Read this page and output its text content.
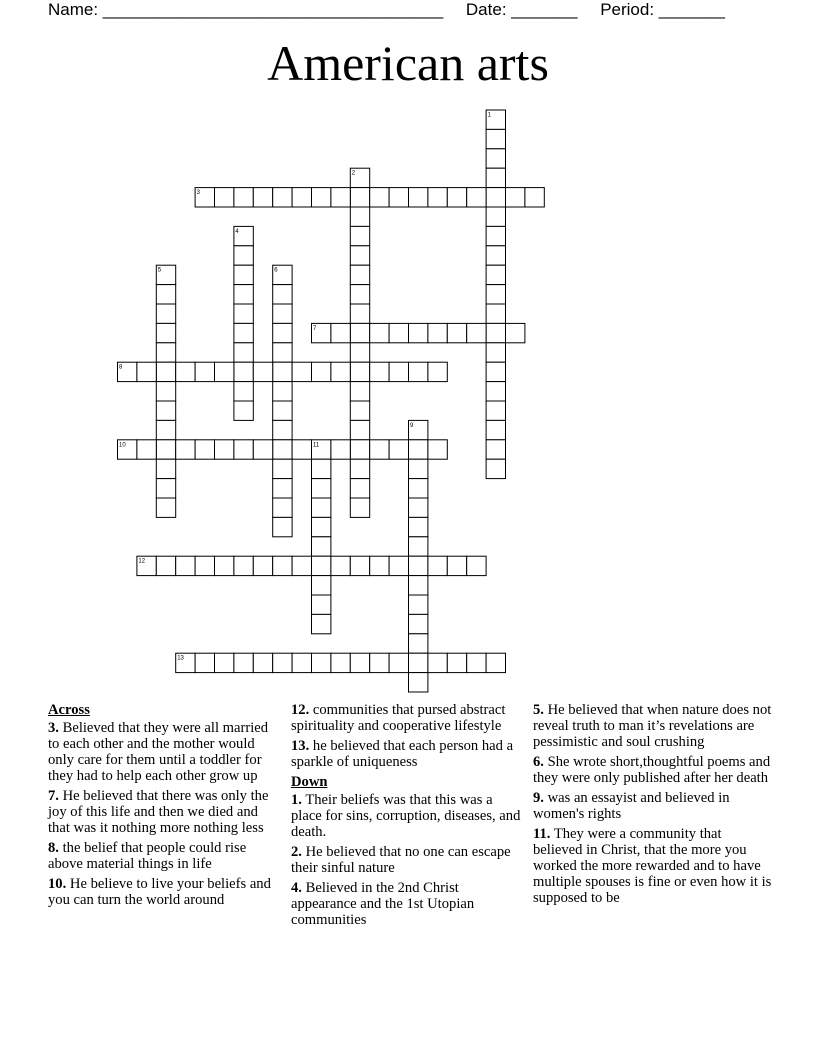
Name: ____________________________________ Date: _______ Period: _______
American arts
1
2
3
4
5	6
7
8
9
10	11
12
13
Across
3. Believed that they were all married to each other and the mother would only care for them until a toddler for they had to help each other grow up
7. He believed that there was only the joy of this life and then we died and that was it nothing more nothing less
8. the belief that people could rise above material things in life
10. He believe to live your beliefs and you can turn the world around
12. communities that pursed abstract spirituality and cooperative lifestyle
13. he believed that each person had a sparkle of uniqueness
Down
1. Their beliefs was that this was a place for sins, corruption, diseases, and death.
2. He believed that no one can escape their sinful nature
4. Believed in the 2nd Christ appearance and the 1st Utopian communities
5. He believed that when nature does not reveal truth to man it’s revelations are pessimistic and soul crushing
6. She wrote short,thoughtful poems and they were only published after her death
9. was an essayist and believed in women's rights
11. They were a community that believed in Christ, that the more you worked the more rewarded and to have multiple spouses is fine or even how it is supposed to be
